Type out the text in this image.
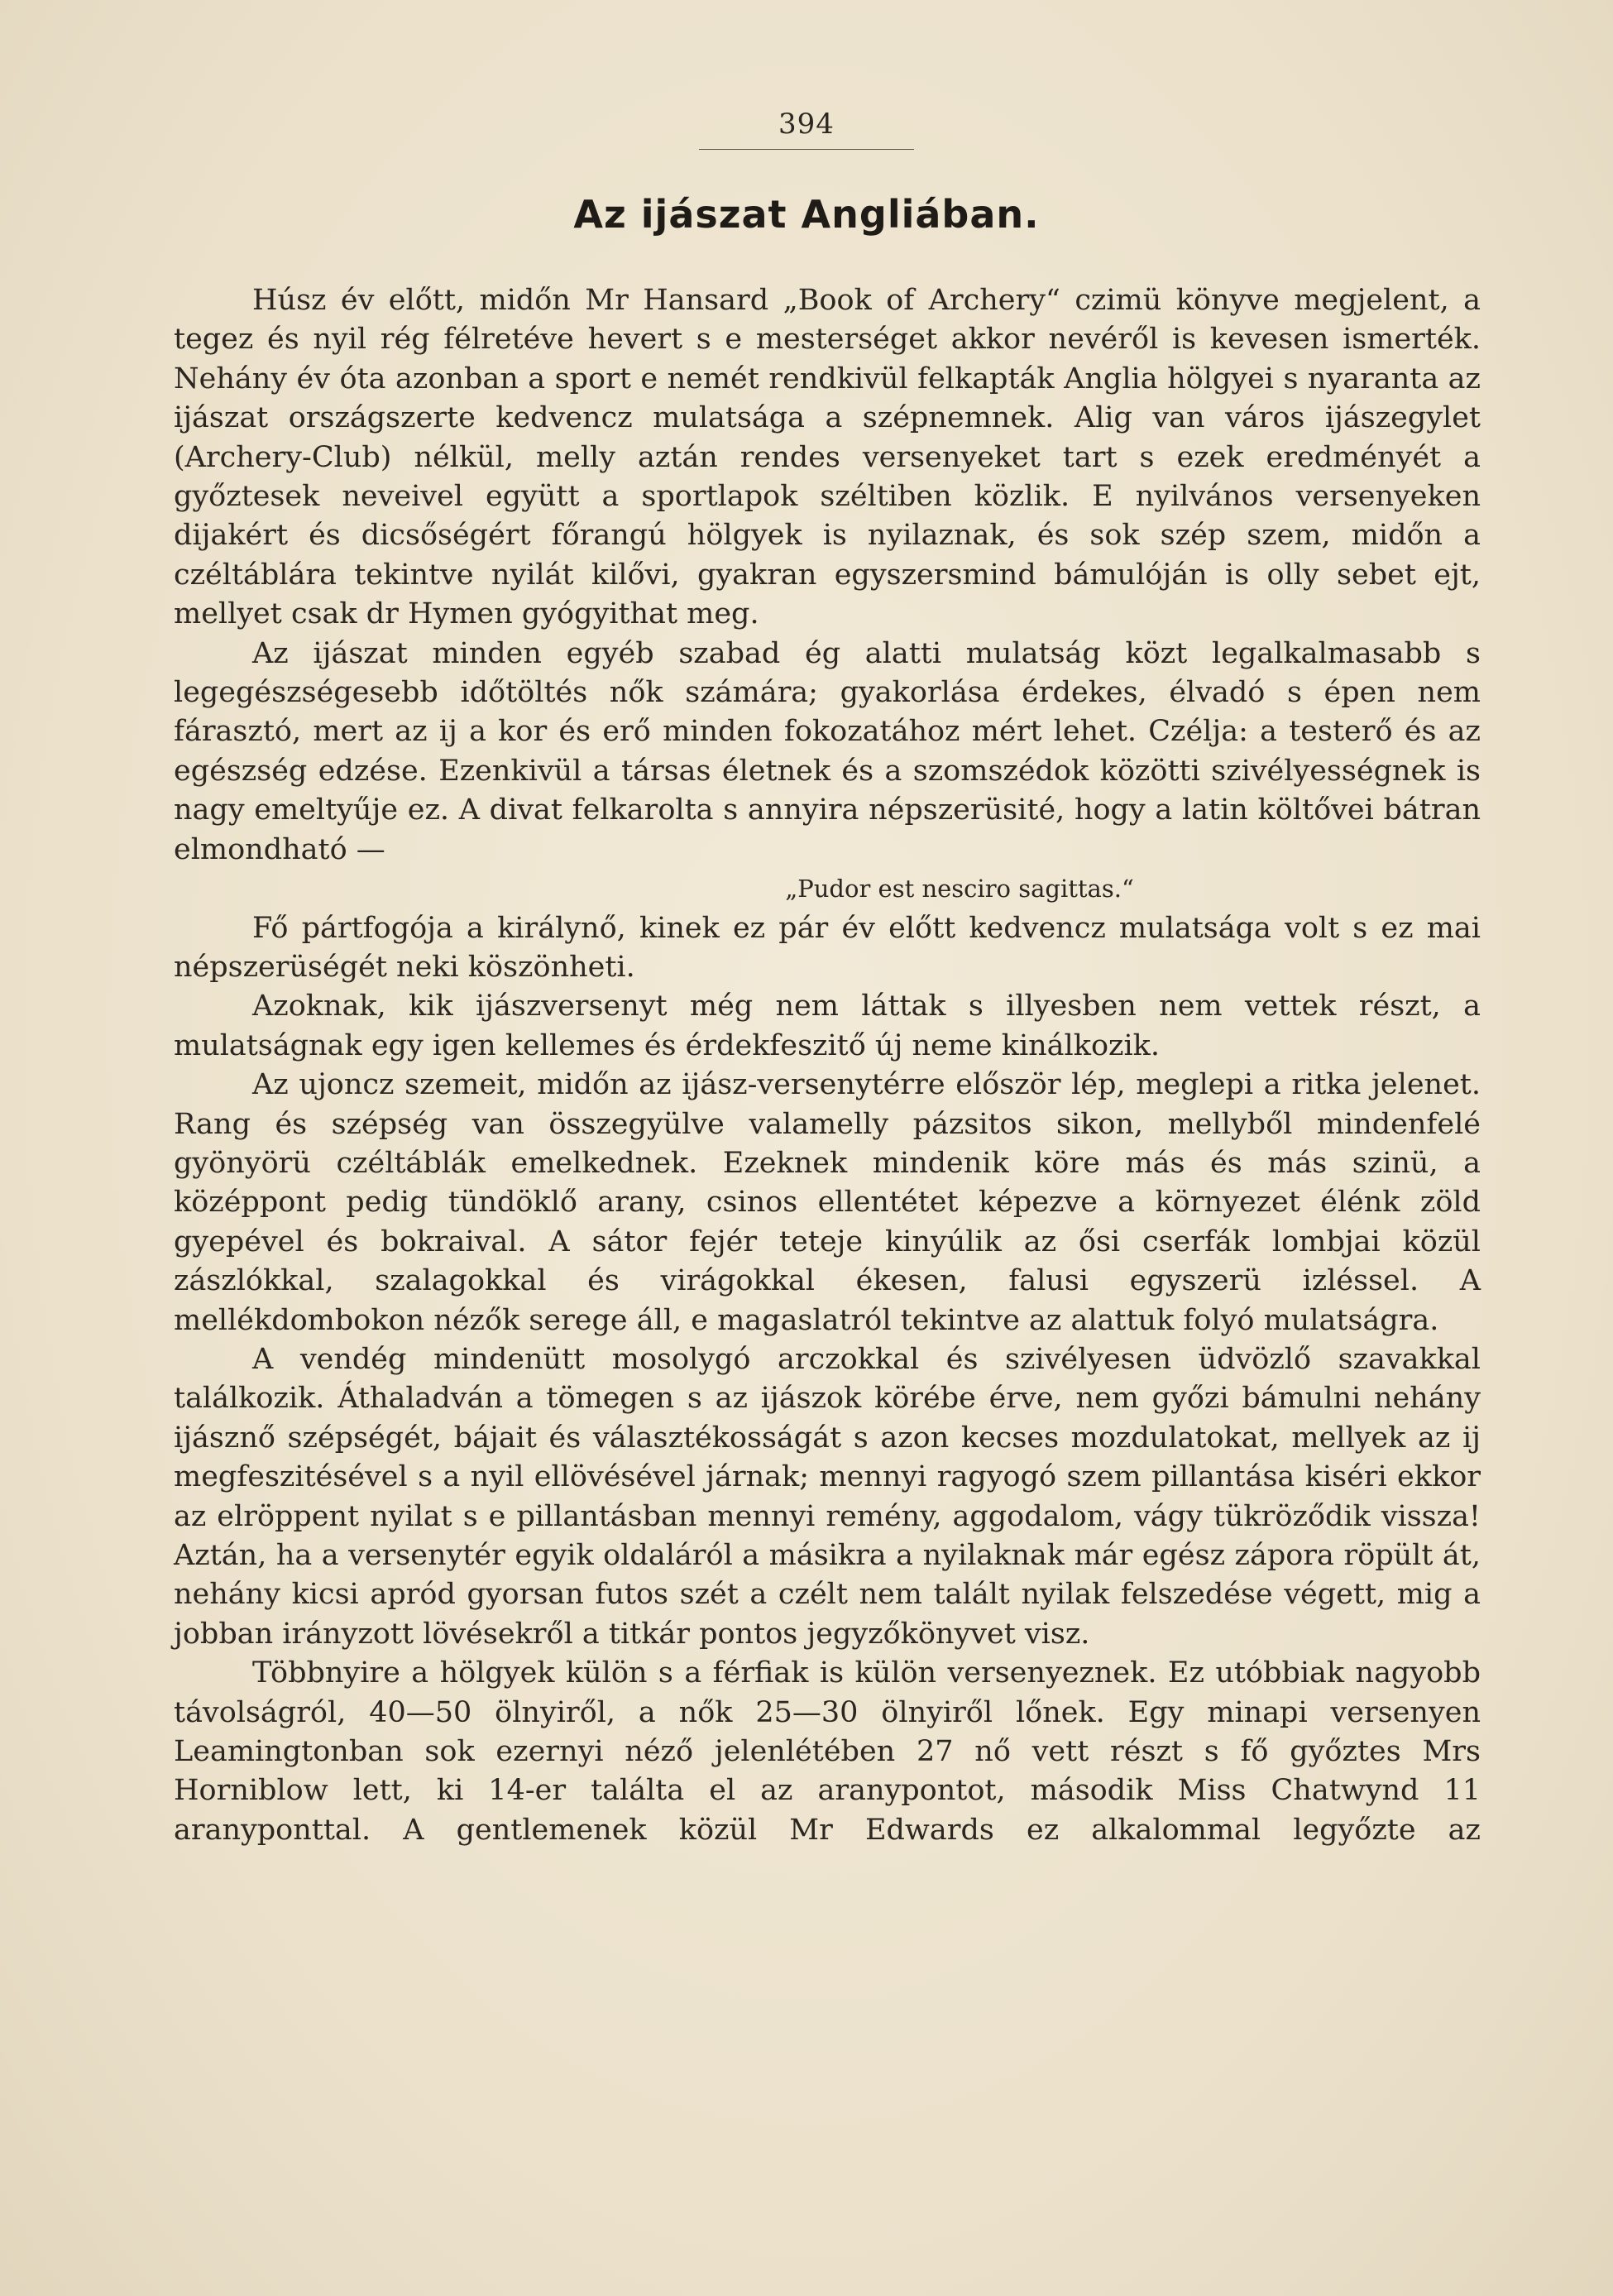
394
Az ijászat Angliában.

Húsz év előtt, midőn Mr Hansard „Book of Archery“ czimü könyve megjelent, a tegez és nyil rég félretéve hevert s e mesterséget akkor nevéről is kevesen ismerték. Nehány év óta azonban a sport e nemét rendkivül felkapták Anglia hölgyei s nyaranta az ijászat országszerte kedvencz mulatsága a szépnemnek. Alig van város ijászegylet (Archery-Club) nélkül, melly aztán rendes versenyeket tart s ezek eredményét a győztesek neveivel együtt a sportlapok széltiben közlik. E nyilvános versenyeken dijakért és dicsőségért főrangú hölgyek is nyilaznak, és sok szép szem, midőn a czéltáblára tekintve nyilát kilővi, gyakran egyszersmind bámulóján is olly sebet ejt, mellyet csak dr Hymen gyógyithat meg.

Az ijászat minden egyéb szabad ég alatti mulatság közt legalkalmasabb s legegészségesebb időtöltés nők számára; gyakorlása érdekes, élvadó s épen nem fárasztó, mert az ij a kor és erő minden fokozatához mért lehet. Czélja: a testerő és az egészség edzése. Ezenkivül a társas életnek és a szomszédok közötti szivélyességnek is nagy emeltyűje ez. A divat felkarolta s annyira népszerüsité, hogy a latin költővei bátran elmondható —

„Pudor est nesciro sagittas.“

Fő pártfogója a királynő, kinek ez pár év előtt kedvencz mulatsága volt s ez mai népszerüségét neki köszönheti.

Azoknak, kik ijászversenyt még nem láttak s illyesben nem vettek részt, a mulatságnak egy igen kellemes és érdekfeszitő új neme kinálkozik.

Az ujoncz szemeit, midőn az ijász-versenytérre először lép, meglepi a ritka jelenet. Rang és szépség van összegyülve valamelly pázsitos sikon, mellyből mindenfelé gyönyörü czéltáblák emelkednek. Ezeknek mindenik köre más és más szinü, a középpont pedig tündöklő arany, csinos ellentétet képezve a környezet élénk zöld gyepével és bokraival. A sátor fejér teteje kinyúlik az ősi cserfák lombjai közül zászlókkal, szalagokkal és virágokkal ékesen, falusi egyszerü izléssel. A mellékdombokon nézők serege áll, e magaslatról tekintve az alattuk folyó mulatságra.

A vendég mindenütt mosolygó arczokkal és szivélyesen üdvözlő szavakkal találkozik. Áthaladván a tömegen s az ijászok körébe érve, nem győzi bámulni nehány ijásznő szépségét, bájait és választékosságát s azon kecses mozdulatokat, mellyek az ij megfeszitésével s a nyil ellövésével járnak; mennyi ragyogó szem pillantása kiséri ekkor az elröppent nyilat s e pillantásban mennyi remény, aggodalom, vágy tükröződik vissza! Aztán, ha a versenytér egyik oldaláról a másikra a nyilaknak már egész zápora röpült át, nehány kicsi apród gyorsan futos szét a czélt nem talált nyilak felszedése végett, mig a jobban irányzott lövésekről a titkár pontos jegyzőkönyvet visz.

Többnyire a hölgyek külön s a férfiak is külön versenyeznek. Ez utóbbiak nagyobb távolságról, 40—50 ölnyiről, a nők 25—30 ölnyiről lőnek. Egy minapi versenyen Leamingtonban sok ezernyi néző jelenlétében 27 nő vett részt s fő győztes Mrs Horniblow lett, ki 14-er találta el az aranypontot, második Miss Chatwynd 11 aranyponttal. A gentlemenek közül Mr Edwards ez alkalommal legyőzte az
